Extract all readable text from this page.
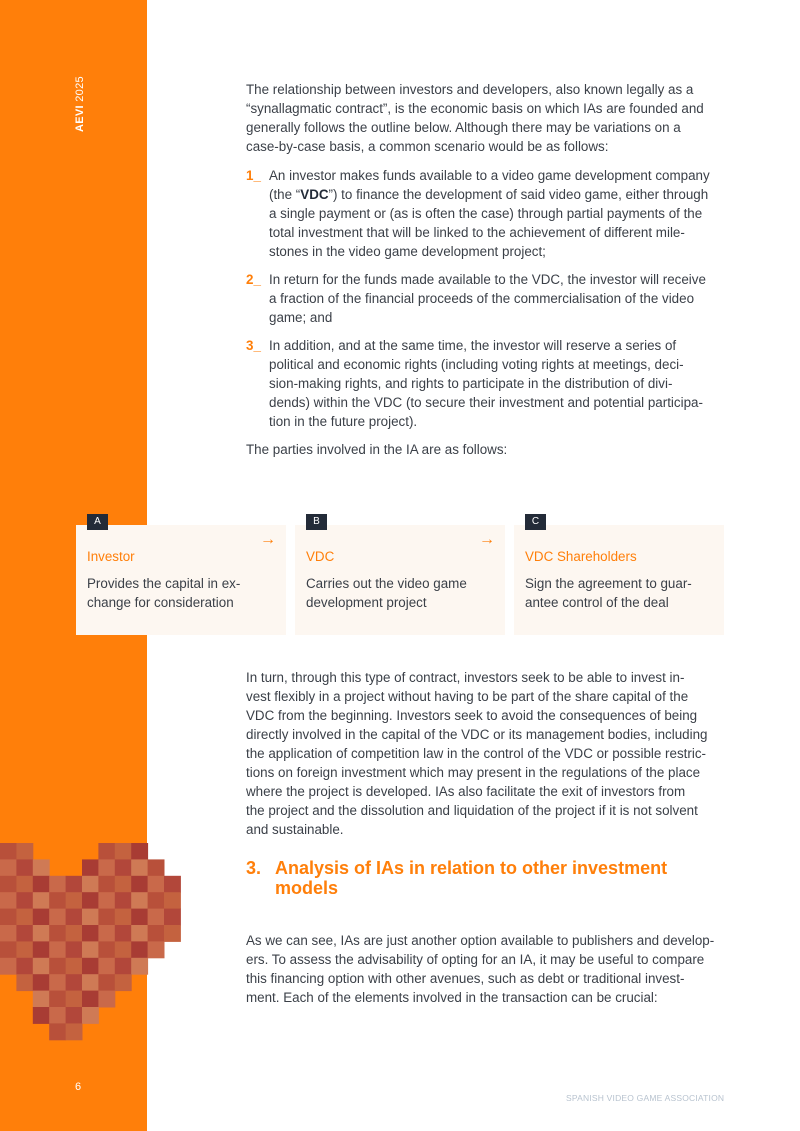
AEVI 2025	The relationship between investors and developers, also known legally as a
“synallagmatic contract”, is the economic basis on which IAs are founded and
generally follows the outline below. Although there may be variations on a
case-by-case basis, a common scenario would be as follows:
1_ An investor makes funds available to a video game development company
(the “VDC”) to finance the development of said video game, either through
a single payment or (as is often the case) through partial payments of the
total investment that will be linked to the achievement of different mile-
stones in the video game development project;
2_ In return for the funds made available to the VDC, the investor will receive
a fraction of the financial proceeds of the commercialisation of the video
game; and
3_ In addition, and at the same time, the investor will reserve a series of
political and economic rights (including voting rights at meetings, deci-
sion-making rights, and rights to participate in the distribution of divi-
dends) within the VDC (to secure their investment and potential participa-
tion in the future project).
The parties involved in the IA are as follows:
A
→
Investor
Provides the capital in ex-
change for consideration
B
→
VDC
Carries out the video game
development project
C
VDC Shareholders
Sign the agreement to guar-
antee control of the deal
In turn, through this type of contract, investors seek to be able to invest in-
vest flexibly in a project without having to be part of the share capital of the
VDC from the beginning. Investors seek to avoid the consequences of being
directly involved in the capital of the VDC or its management bodies, including
the application of competition law in the control of the VDC or possible restric-
tions on foreign investment which may present in the regulations of the place
where the project is developed. IAs also facilitate the exit of investors from
the project and the dissolution and liquidation of the project if it is not solvent
and sustainable.
3. Analysis of IAs in relation to other investment
models
As we can see, IAs are just another option available to publishers and develop-
ers. To assess the advisability of opting for an IA, it may be useful to compare
this financing option with other avenues, such as debt or traditional invest-
ment. Each of the elements involved in the transaction can be crucial:
6
SPANISH VIDEO GAME ASSOCIATION
